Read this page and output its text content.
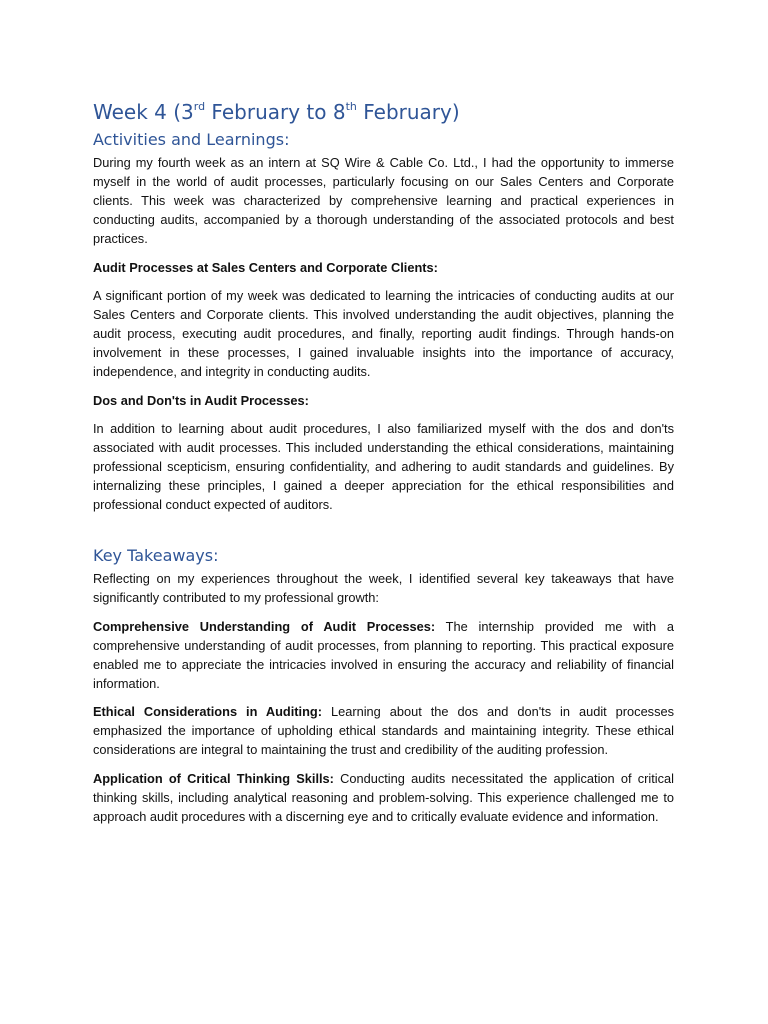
Week 4 (3rd February to 8th February)
Activities and Learnings:

During my fourth week as an intern at SQ Wire & Cable Co. Ltd., I had the opportunity to immerse myself in the world of audit processes, particularly focusing on our Sales Centers and Corporate clients. This week was characterized by comprehensive learning and practical experiences in conducting audits, accompanied by a thorough understanding of the associated protocols and best practices.

Audit Processes at Sales Centers and Corporate Clients:

A significant portion of my week was dedicated to learning the intricacies of conducting audits at our Sales Centers and Corporate clients. This involved understanding the audit objectives, planning the audit process, executing audit procedures, and finally, reporting audit findings. Through hands-on involvement in these processes, I gained invaluable insights into the importance of accuracy, independence, and integrity in conducting audits.

Dos and Don'ts in Audit Processes:

In addition to learning about audit procedures, I also familiarized myself with the dos and don'ts associated with audit processes. This included understanding the ethical considerations, maintaining professional scepticism, ensuring confidentiality, and adhering to audit standards and guidelines. By internalizing these principles, I gained a deeper appreciation for the ethical responsibilities and professional conduct expected of auditors.

Key Takeaways:

Reflecting on my experiences throughout the week, I identified several key takeaways that have significantly contributed to my professional growth:

Comprehensive Understanding of Audit Processes: The internship provided me with a comprehensive understanding of audit processes, from planning to reporting. This practical exposure enabled me to appreciate the intricacies involved in ensuring the accuracy and reliability of financial information.

Ethical Considerations in Auditing: Learning about the dos and don'ts in audit processes emphasized the importance of upholding ethical standards and maintaining integrity. These ethical considerations are integral to maintaining the trust and credibility of the auditing profession.

Application of Critical Thinking Skills: Conducting audits necessitated the application of critical thinking skills, including analytical reasoning and problem-solving. This experience challenged me to approach audit procedures with a discerning eye and to critically evaluate evidence and information.
